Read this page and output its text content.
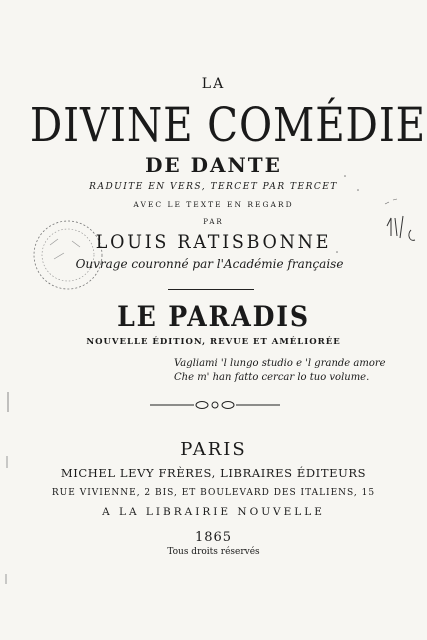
LA
DIVINE COMÉDIE
DE DANTE
RADUITE EN VERS, TERCET PAR TERCET
AVEC LE TEXTE EN REGARD
PAR
LOUIS RATISBONNE
Ouvrage couronné par l'Académie française
LE PARADIS
NOUVELLE ÉDITION, REVUE ET AMÉLIORÉE
Vagliami 'l lungo studio e 'l grande amore
Che m' han fatto cercar lo tuo volume.
PARIS
MICHEL LEVY FRÈRES, LIBRAIRES ÉDITEURS
RUE VIVIENNE, 2 BIS, ET BOULEVARD DES ITALIENS, 15
A LA LIBRAIRIE NOUVELLE
1865
Tous droits réservés
